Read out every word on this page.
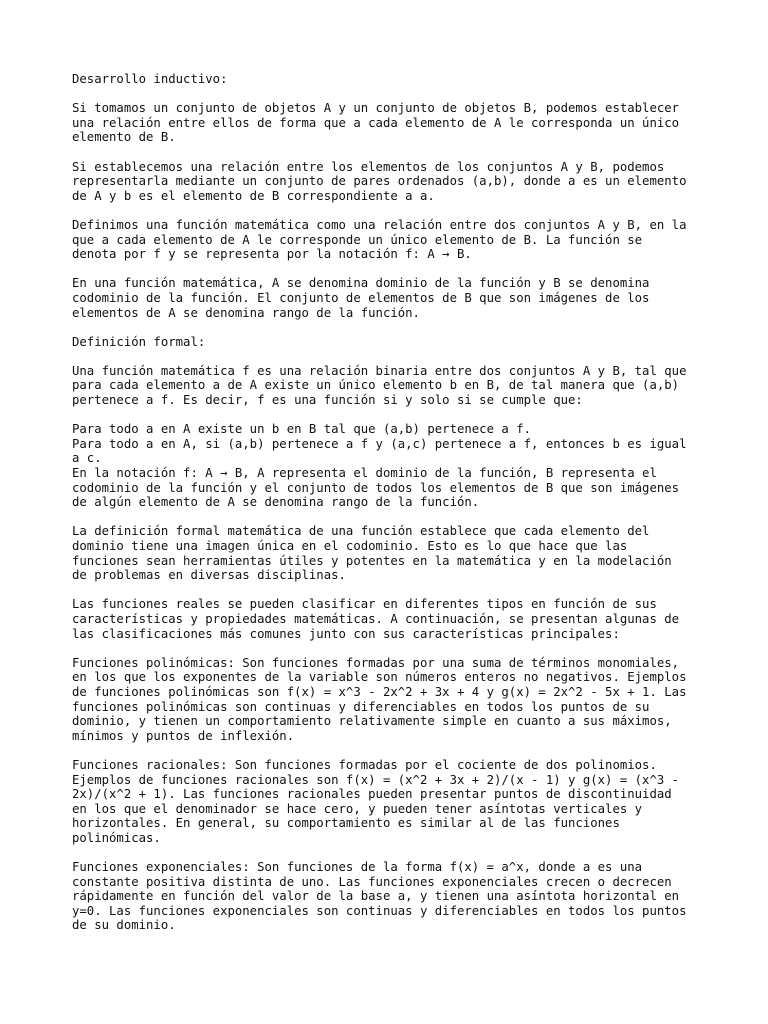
Desarrollo inductivo:

Si tomamos un conjunto de objetos A y un conjunto de objetos B, podemos establecer
una relación entre ellos de forma que a cada elemento de A le corresponda un único
elemento de B.

Si establecemos una relación entre los elementos de los conjuntos A y B, podemos
representarla mediante un conjunto de pares ordenados (a,b), donde a es un elemento
de A y b es el elemento de B correspondiente a a.

Definimos una función matemática como una relación entre dos conjuntos A y B, en la
que a cada elemento de A le corresponde un único elemento de B. La función se
denota por f y se representa por la notación f: A → B.

En una función matemática, A se denomina dominio de la función y B se denomina
codominio de la función. El conjunto de elementos de B que son imágenes de los
elementos de A se denomina rango de la función.

Definición formal:

Una función matemática f es una relación binaria entre dos conjuntos A y B, tal que
para cada elemento a de A existe un único elemento b en B, de tal manera que (a,b)
pertenece a f. Es decir, f es una función si y solo si se cumple que:

Para todo a en A existe un b en B tal que (a,b) pertenece a f.

Para todo a en A, si (a,b) pertenece a f y (a,c) pertenece a f, entonces b es igual
a c.

En la notación f: A → B, A representa el dominio de la función, B representa el
codominio de la función y el conjunto de todos los elementos de B que son imágenes
de algún elemento de A se denomina rango de la función.

La definición formal matemática de una función establece que cada elemento del
dominio tiene una imagen única en el codominio. Esto es lo que hace que las
funciones sean herramientas útiles y potentes en la matemática y en la modelación
de problemas en diversas disciplinas.

Las funciones reales se pueden clasificar en diferentes tipos en función de sus
características y propiedades matemáticas. A continuación, se presentan algunas de
las clasificaciones más comunes junto con sus características principales:

Funciones polinómicas: Son funciones formadas por una suma de términos monomiales,
en los que los exponentes de la variable son números enteros no negativos. Ejemplos
de funciones polinómicas son f(x) = x^3 - 2x^2 + 3x + 4 y g(x) = 2x^2 - 5x + 1. Las
funciones polinómicas son continuas y diferenciables en todos los puntos de su
dominio, y tienen un comportamiento relativamente simple en cuanto a sus máximos,
mínimos y puntos de inflexión.

Funciones racionales: Son funciones formadas por el cociente de dos polinomios.
Ejemplos de funciones racionales son f(x) = (x^2 + 3x + 2)/(x - 1) y g(x) = (x^3 -
2x)/(x^2 + 1). Las funciones racionales pueden presentar puntos de discontinuidad
en los que el denominador se hace cero, y pueden tener asíntotas verticales y
horizontales. En general, su comportamiento es similar al de las funciones
polinómicas.

Funciones exponenciales: Son funciones de la forma f(x) = a^x, donde a es una
constante positiva distinta de uno. Las funciones exponenciales crecen o decrecen
rápidamente en función del valor de la base a, y tienen una asíntota horizontal en
y=0. Las funciones exponenciales son continuas y diferenciables en todos los puntos
de su dominio.
